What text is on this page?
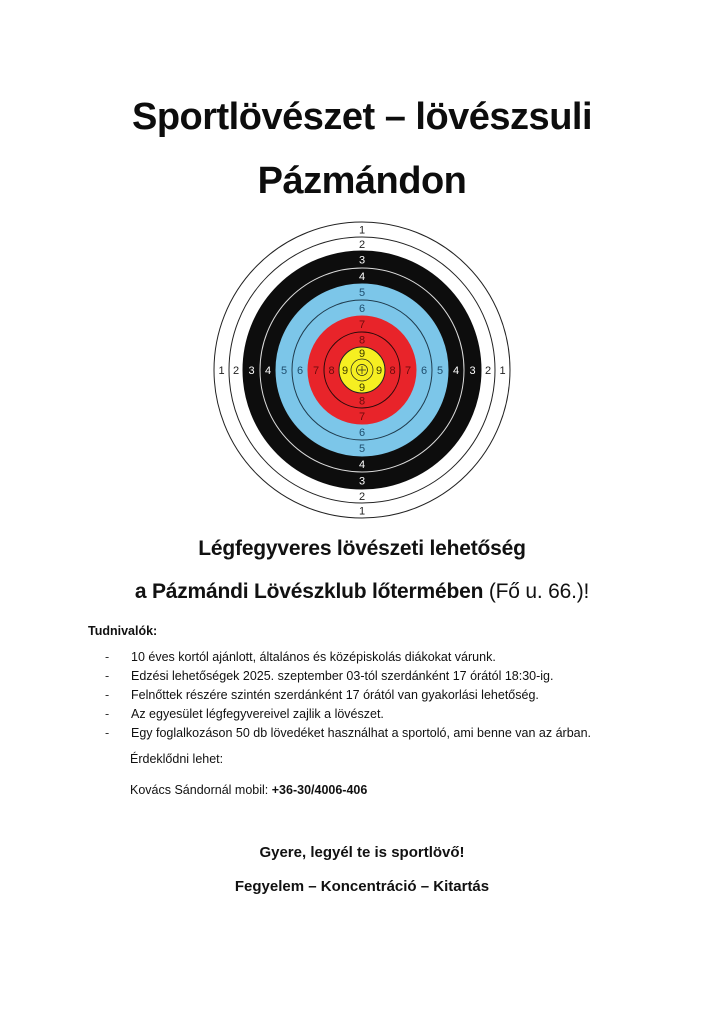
Sportlövészet – lövészsuli
Pázmándon
1
1
1	1
2
2
2	2
3
3
3	3
4
4
4	4
5
5
5	5
6
6
6	6
7
7
7	7
8
8
8	8
9
9
9	9
Légfegyveres lövészeti lehetőség
a Pázmándi Lövészklub lőtermében (Fő u. 66.)!
Tudnivalók:
- 10 éves kortól ajánlott, általános és középiskolás diákokat várunk.
- Edzési lehetőségek 2025. szeptember 03-tól szerdánként 17 órától 18:30-ig.
- Felnőttek részére szintén szerdánként 17 órától van gyakorlási lehetőség.
- Az egyesület légfegyvereivel zajlik a lövészet.
- Egy foglalkozáson 50 db lövedéket használhat a sportoló, ami benne van az árban.
Érdeklődni lehet:
Kovács Sándornál mobil: +36-30/4006-406
Gyere, legyél te is sportlövő!
Fegyelem – Koncentráció – Kitartás
